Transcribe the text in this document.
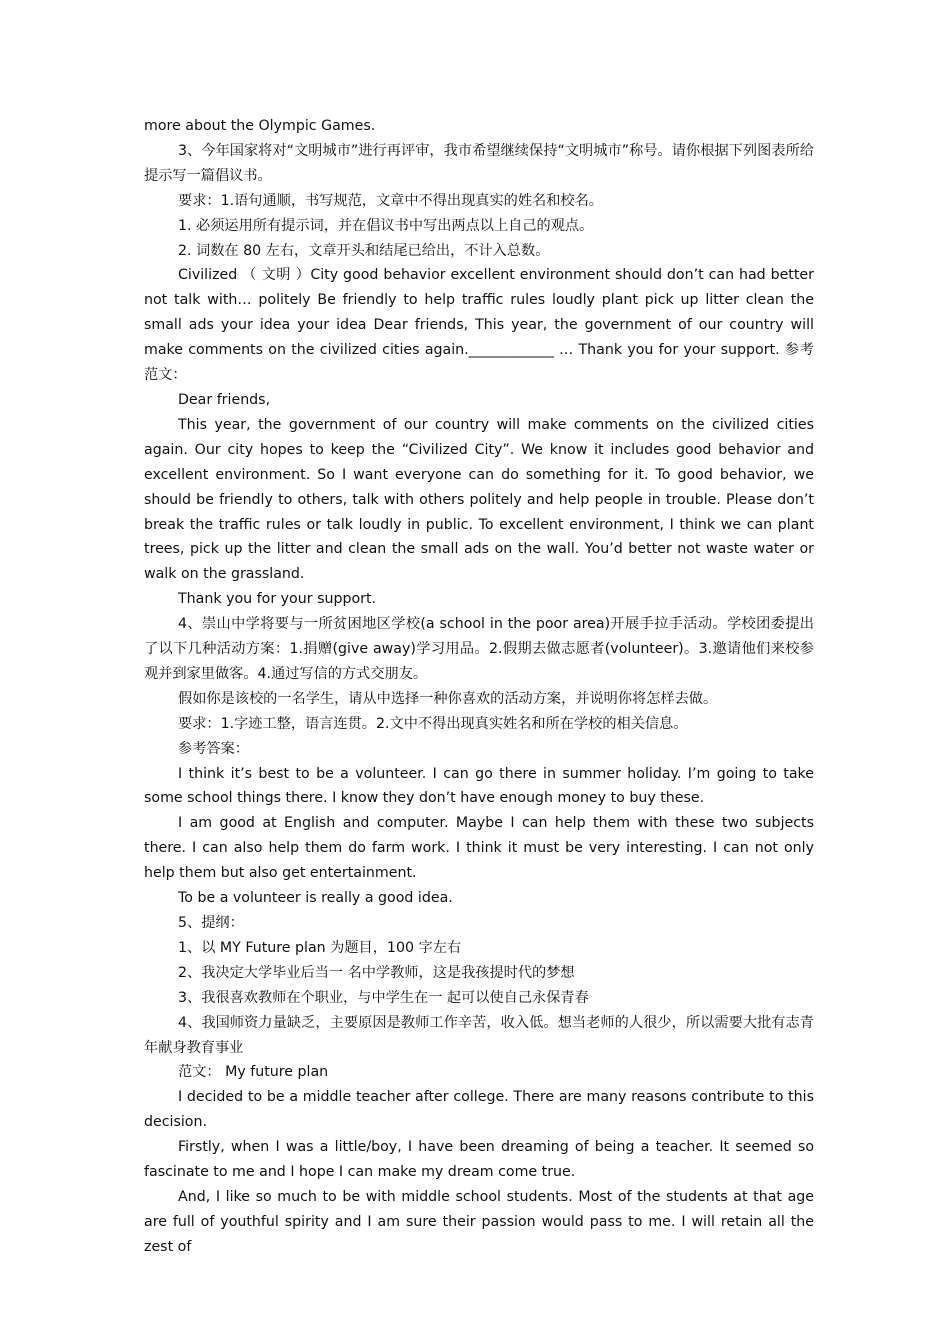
more about the Olympic Games.

3、今年国家将对“文明城市”进行再评审，我市希望继续保持“文明城市”称号。请你根据下列图表所给提示写一篇倡议书。

要求：1.语句通顺，书写规范，文章中不得出现真实的姓名和校名。

1. 必须运用所有提示词，并在倡议书中写出两点以上自己的观点。

2. 词数在 80 左右，文章开头和结尾已给出，不计入总数。

Civilized （ 文明 ）City good behavior excellent environment should don’t can had better not talk with… politely Be friendly to help traffic rules loudly plant pick up litter clean the small ads your idea your idea Dear friends, This year, the government of our country will make comments on the civilized cities again.____________ … Thank you for your support. 参考范文：

Dear friends,

This year, the government of our country will make comments on the civilized cities again. Our city hopes to keep the “Civilized City”. We know it includes good behavior and excellent environment. So I want everyone can do something for it. To good behavior, we should be friendly to others, talk with others politely and help people in trouble. Please don’t break the traffic rules or talk loudly in public. To excellent environment, I think we can plant trees, pick up the litter and clean the small ads on the wall. You’d better not waste water or walk on the grassland.

Thank you for your support.

4、崇山中学将要与一所贫困地区学校(a school in the poor area)开展手拉手活动。学校团委提出了以下几种活动方案：1.捐赠(give away)学习用品。2.假期去做志愿者(volunteer)。3.邀请他们来校参观并到家里做客。4.通过写信的方式交朋友。

假如你是该校的一名学生，请从中选择一种你喜欢的活动方案，并说明你将怎样去做。

要求：1.字迹工整，语言连贯。2.文中不得出现真实姓名和所在学校的相关信息。

参考答案：

I think it’s best to be a volunteer. I can go there in summer holiday. I’m going to take some school things there. I know they don’t have enough money to buy these.

I am good at English and computer. Maybe I can help them with these two subjects there. I can also help them do farm work. I think it must be very interesting. I can not only help them but also get entertainment.

To be a volunteer is really a good idea.

5、提纲：

1、以 MY Future plan 为题目，100 字左右

2、我决定大学毕业后当一 名中学教师，这是我孩提时代的梦想

3、我很喜欢教师在个职业，与中学生在一 起可以使自己永保青春

4、我国师资力量缺乏，主要原因是教师工作辛苦，收入低。想当老师的人很少，所以需要大批有志青年献身教育事业

范文： My future plan

I decided to be a middle teacher after college. There are many reasons contribute to this decision.

Firstly, when I was a little/boy, I have been dreaming of being a teacher. It seemed so fascinate to me and I hope I can make my dream come true.

And, I like so much to be with middle school students. Most of the students at that age are full of youthful spirity and I am sure their passion would pass to me. I will retain all the zest of
